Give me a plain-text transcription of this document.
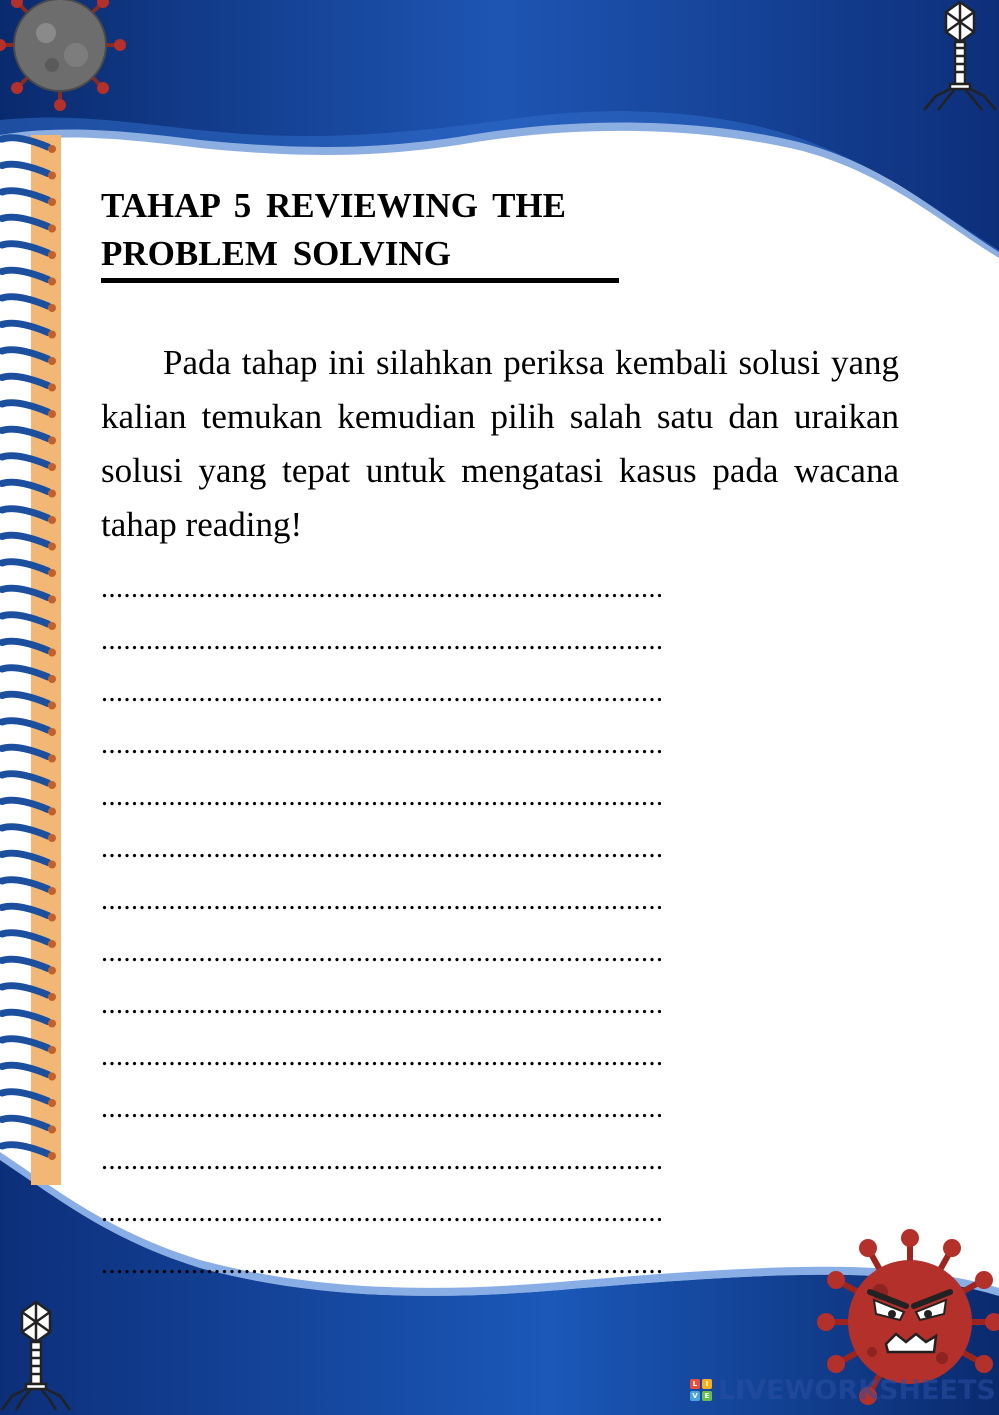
TAHAP 5 REVIEWING THE PROBLEM SOLVING

Pada tahap ini silahkan periksa kembali solusi yang kalian temukan kemudian pilih salah satu dan uraikan solusi yang tepat untuk mengatasi kasus pada wacana tahap reading!

...........................................................................
...........................................................................
...........................................................................
...........................................................................
...........................................................................
...........................................................................
...........................................................................
...........................................................................
...........................................................................
...........................................................................
...........................................................................
...........................................................................
...........................................................................
...........................................................................
L	I
V E LIVEWORKSHEETS
